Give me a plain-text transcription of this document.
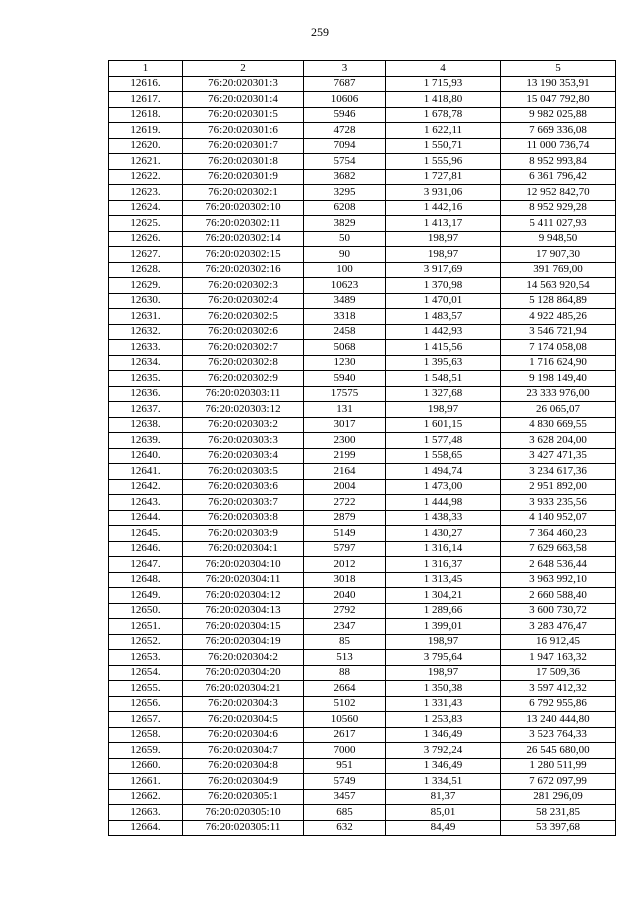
259
1	2	3	4	5
12616.	76:20:020301:3	7687	1 715,93	13 190 353,91
12617.	76:20:020301:4	10606	1 418,80	15 047 792,80
12618.	76:20:020301:5	5946	1 678,78	9 982 025,88
12619.	76:20:020301:6	4728	1 622,11	7 669 336,08
12620.	76:20:020301:7	7094	1 550,71	11 000 736,74
12621.	76:20:020301:8	5754	1 555,96	8 952 993,84
12622.	76:20:020301:9	3682	1 727,81	6 361 796,42
12623.	76:20:020302:1	3295	3 931,06	12 952 842,70
12624.	76:20:020302:10	6208	1 442,16	8 952 929,28
12625.	76:20:020302:11	3829	1 413,17	5 411 027,93
12626.	76:20:020302:14	50	198,97	9 948,50
12627.	76:20:020302:15	90	198,97	17 907,30
12628.	76:20:020302:16	100	3 917,69	391 769,00
12629.	76:20:020302:3	10623	1 370,98	14 563 920,54
12630.	76:20:020302:4	3489	1 470,01	5 128 864,89
12631.	76:20:020302:5	3318	1 483,57	4 922 485,26
12632.	76:20:020302:6	2458	1 442,93	3 546 721,94
12633.	76:20:020302:7	5068	1 415,56	7 174 058,08
12634.	76:20:020302:8	1230	1 395,63	1 716 624,90
12635.	76:20:020302:9	5940	1 548,51	9 198 149,40
12636.	76:20:020303:11	17575	1 327,68	23 333 976,00
12637.	76:20:020303:12	131	198,97	26 065,07
12638.	76:20:020303:2	3017	1 601,15	4 830 669,55
12639.	76:20:020303:3	2300	1 577,48	3 628 204,00
12640.	76:20:020303:4	2199	1 558,65	3 427 471,35
12641.	76:20:020303:5	2164	1 494,74	3 234 617,36
12642.	76:20:020303:6	2004	1 473,00	2 951 892,00
12643.	76:20:020303:7	2722	1 444,98	3 933 235,56
12644.	76:20:020303:8	2879	1 438,33	4 140 952,07
12645.	76:20:020303:9	5149	1 430,27	7 364 460,23
12646.	76:20:020304:1	5797	1 316,14	7 629 663,58
12647.	76:20:020304:10	2012	1 316,37	2 648 536,44
12648.	76:20:020304:11	3018	1 313,45	3 963 992,10
12649.	76:20:020304:12	2040	1 304,21	2 660 588,40
12650.	76:20:020304:13	2792	1 289,66	3 600 730,72
12651.	76:20:020304:15	2347	1 399,01	3 283 476,47
12652.	76:20:020304:19	85	198,97	16 912,45
12653.	76:20:020304:2	513	3 795,64	1 947 163,32
12654.	76:20:020304:20	88	198,97	17 509,36
12655.	76:20:020304:21	2664	1 350,38	3 597 412,32
12656.	76:20:020304:3	5102	1 331,43	6 792 955,86
12657.	76:20:020304:5	10560	1 253,83	13 240 444,80
12658.	76:20:020304:6	2617	1 346,49	3 523 764,33
12659.	76:20:020304:7	7000	3 792,24	26 545 680,00
12660.	76:20:020304:8	951	1 346,49	1 280 511,99
12661.	76:20:020304:9	5749	1 334,51	7 672 097,99
12662.	76:20:020305:1	3457	81,37	281 296,09
12663.	76:20:020305:10	685	85,01	58 231,85
12664.	76:20:020305:11	632	84,49	53 397,68
